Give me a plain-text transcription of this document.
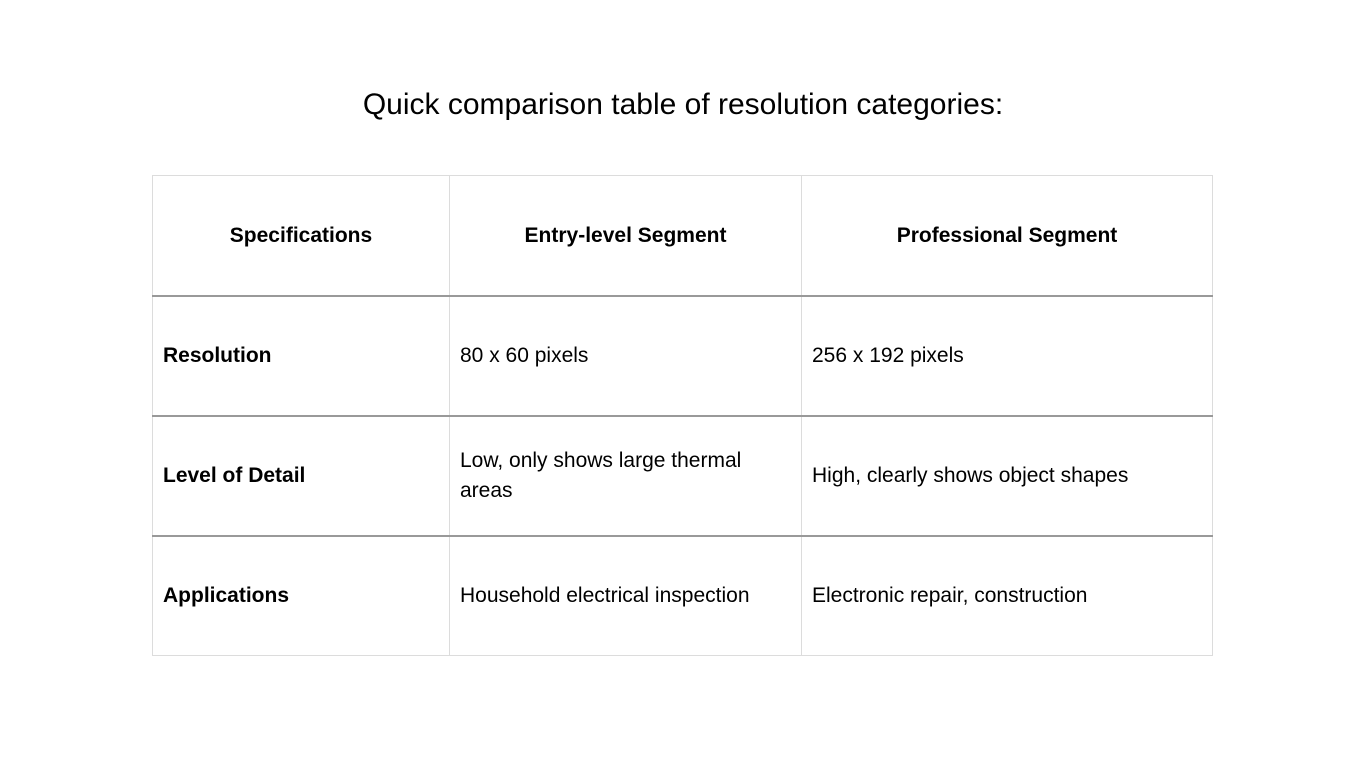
Quick comparison table of resolution categories:
Specifications	Entry-level Segment	Professional Segment
Resolution	80 x 60 pixels	256 x 192 pixels
Level of Detail	Low, only shows large thermal areas	High, clearly shows object shapes
Applications	Household electrical inspection	Electronic repair, construction
